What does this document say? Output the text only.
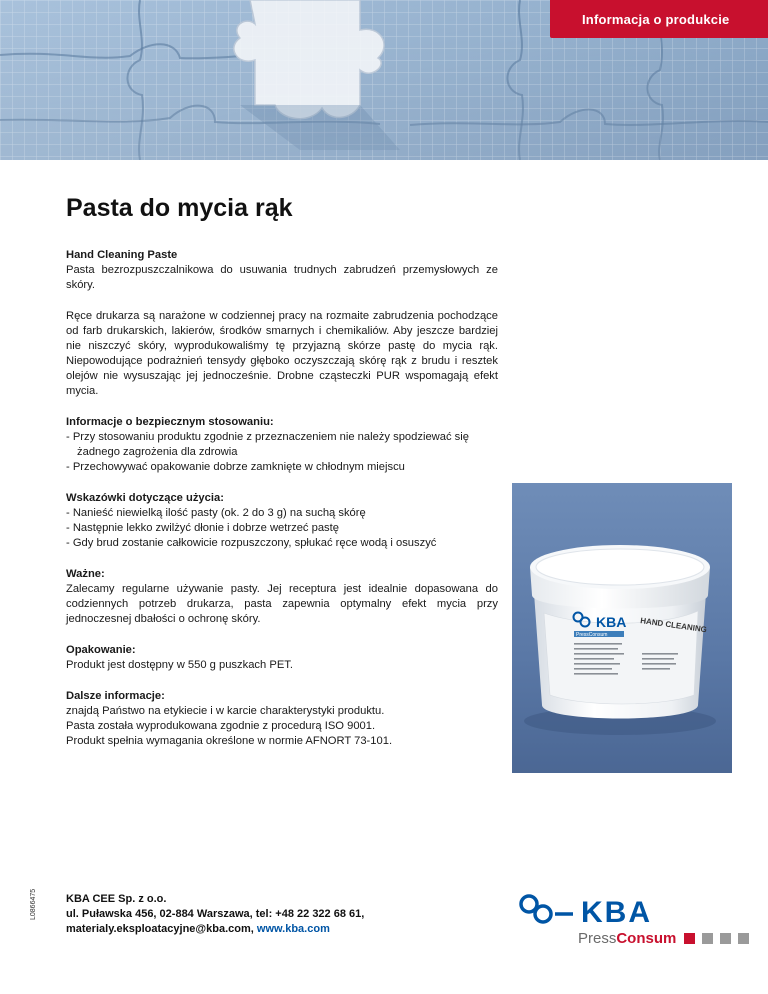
Informacja o produkcie
Pasta do mycia rąk
Hand Cleaning Paste
Pasta bezrozpuszczalnikowa do usuwania trudnych zabrudzeń przemysłowych ze skóry.
Ręce drukarza są narażone w codziennej pracy na rozmaite zabrudzenia pochodzące od farb drukarskich, lakierów, środków smarnych i chemikaliów. Aby jeszcze bardziej nie niszczyć skóry, wyprodukowaliśmy tę przyjazną skórze pastę do mycia rąk. Niepowodujące podrażnień tensydy głęboko oczyszczają skórę rąk z brudu i resztek olejów nie wysuszając jej jednocześnie. Drobne cząsteczki PUR wspomagają efekt mycia.
Informacje o bezpiecznym stosowaniu:
- Przy stosowaniu produktu zgodnie z przeznaczeniem nie należy spodziewać się żadnego zagrożenia dla zdrowia
- Przechowywać opakowanie dobrze zamknięte w chłodnym miejscu
Wskazówki dotyczące użycia:
- Nanieść niewielką ilość pasty (ok. 2 do 3 g) na suchą skórę
- Następnie lekko zwilżyć dłonie i dobrze wetrzeć pastę
- Gdy brud zostanie całkowicie rozpuszczony, spłukać ręce wodą i osuszyć
Ważne:
Zalecamy regularne używanie pasty. Jej receptura jest idealnie dopasowana do codziennych potrzeb drukarza, pasta zapewnia optymalny efekt mycia przy jednoczesnej dbałości o ochronę skóry.
Opakowanie:
Produkt jest dostępny w 550 g puszkach PET.
Dalsze informacje:
znajdą Państwo na etykiecie i w karcie charakterystyki produktu.
Pasta została wyprodukowana zgodnie z procedurą ISO 9001.
Produkt spełnia wymagania określone w normie AFNORT 73-101.
KBA HAND CLEANING
PressConsum
L0866475	KBA CEE Sp. z o.o.
ul. Puławska 456, 02-884 Warszawa, tel: +48 22 322 68 61,
materialy.eksploatacyjne@kba.com, www.kba.com	KBA
PressConsum
